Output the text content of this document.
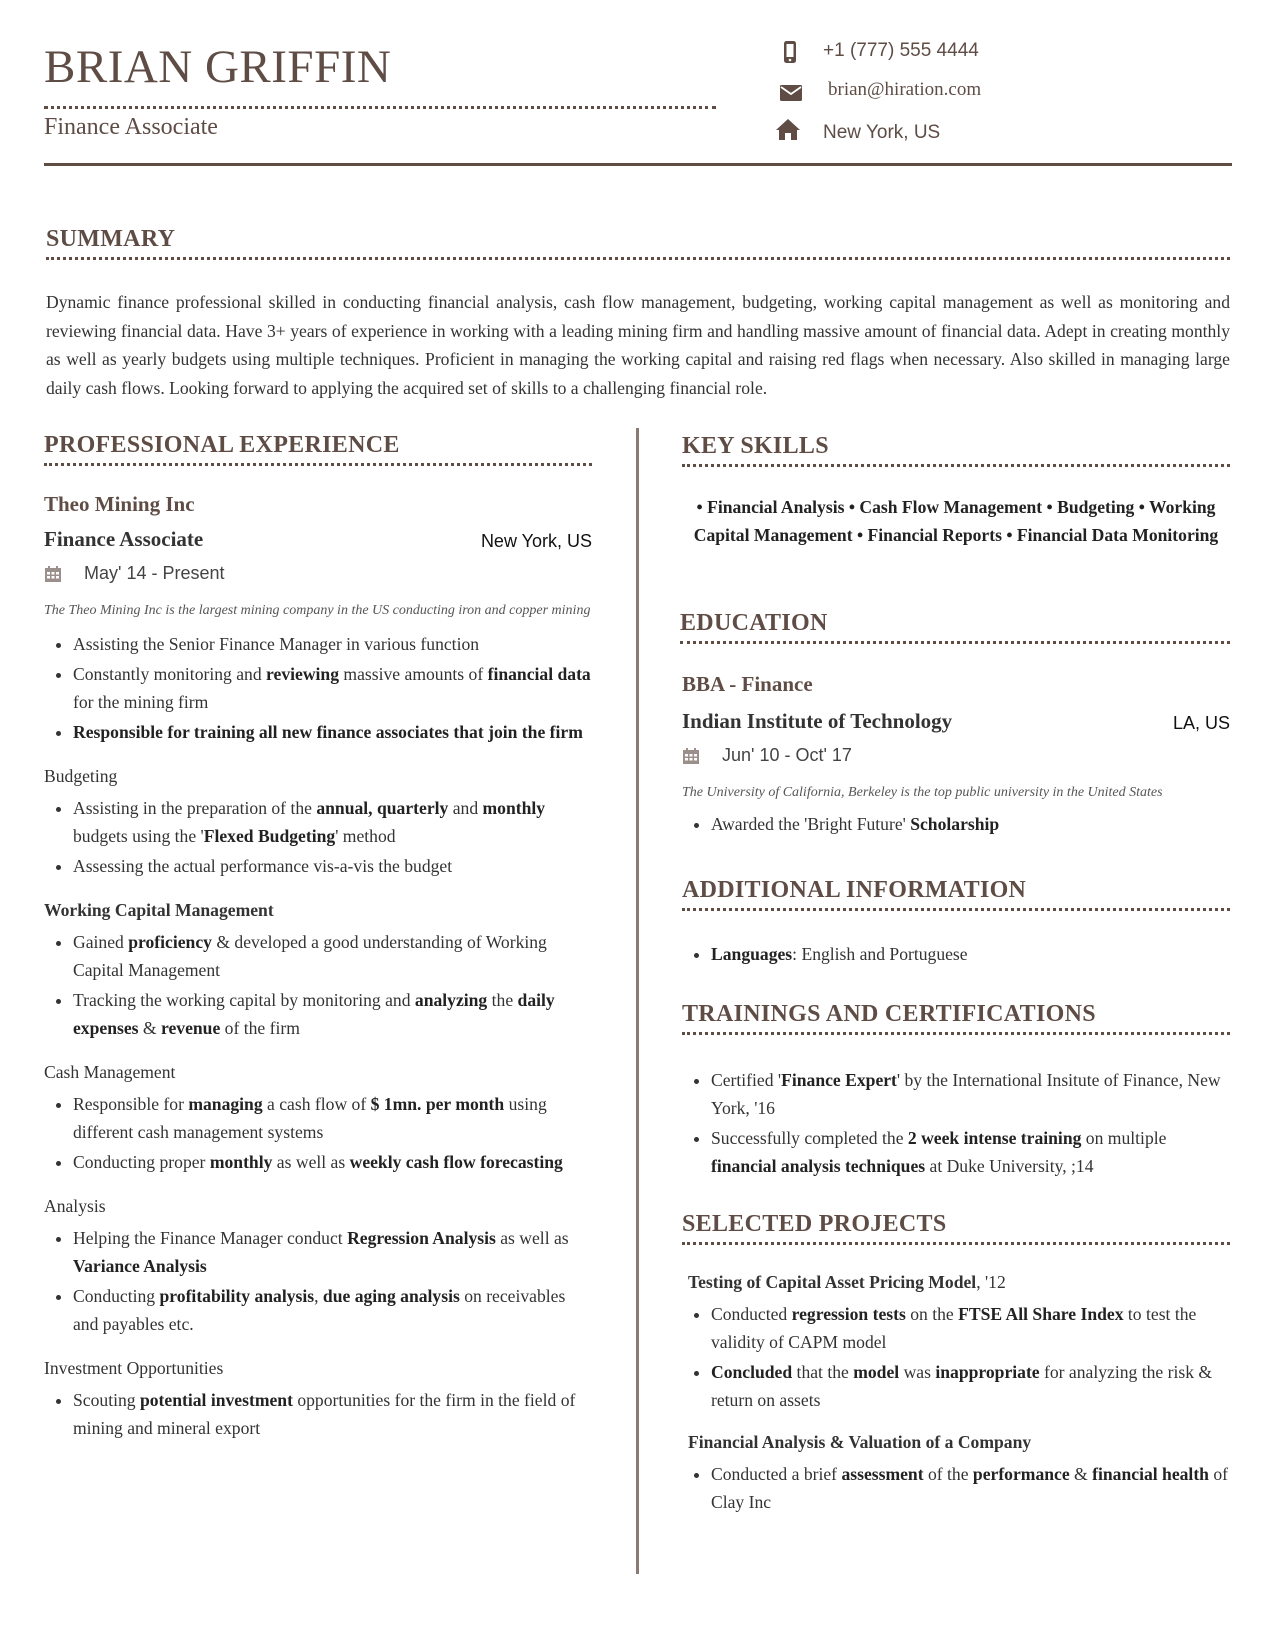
BRIAN GRIFFIN
Finance Associate
+1 (777) 555 4444
brian@hiration.com
New York, US
SUMMARY
Dynamic finance professional skilled in conducting financial analysis, cash flow management, budgeting, working capital management as well as monitoring and reviewing financial data. Have 3+ years of experience in working with a leading mining firm and handling massive amount of financial data. Adept in creating monthly as well as yearly budgets using multiple techniques. Proficient in managing the working capital and raising red flags when necessary. Also skilled in managing large daily cash flows. Looking forward to applying the acquired set of skills to a challenging financial role.
PROFESSIONAL EXPERIENCE
Theo Mining Inc
Finance Associate	New York, US
May' 14 - Present
The Theo Mining Inc is the largest mining company in the US conducting iron and copper mining
• Assisting the Senior Finance Manager in various function
• Constantly monitoring and reviewing massive amounts of financial data for the mining firm
• Responsible for training all new finance associates that join the firm
Budgeting
• Assisting in the preparation of the annual, quarterly and monthly budgets using the 'Flexed Budgeting' method
• Assessing the actual performance vis-a-vis the budget
Working Capital Management
• Gained proficiency & developed a good understanding of Working Capital Management
• Tracking the working capital by monitoring and analyzing the daily expenses & revenue of the firm
Cash Management
• Responsible for managing a cash flow of $ 1mn. per month using different cash management systems
• Conducting proper monthly as well as weekly cash flow forecasting
Analysis
• Helping the Finance Manager conduct Regression Analysis as well as Variance Analysis
• Conducting profitability analysis, due aging analysis on receivables and payables etc.
Investment Opportunities
• Scouting potential investment opportunities for the firm in the field of mining and mineral export
KEY SKILLS
• Financial Analysis • Cash Flow Management • Budgeting • Working Capital Management • Financial Reports • Financial Data Monitoring
EDUCATION
BBA - Finance
Indian Institute of Technology	LA, US
Jun' 10 - Oct' 17
The University of California, Berkeley is the top public university in the United States
• Awarded the 'Bright Future' Scholarship
ADDITIONAL INFORMATION
• Languages: English and Portuguese
TRAININGS AND CERTIFICATIONS
• Certified 'Finance Expert' by the International Insitute of Finance, New York, '16
• Successfully completed the 2 week intense training on multiple financial analysis techniques at Duke University, ;14
SELECTED PROJECTS
Testing of Capital Asset Pricing Model, '12
• Conducted regression tests on the FTSE All Share Index to test the validity of CAPM model
• Concluded that the model was inappropriate for analyzing the risk & return on assets
Financial Analysis & Valuation of a Company
• Conducted a brief assessment of the performance & financial health of Clay Inc
